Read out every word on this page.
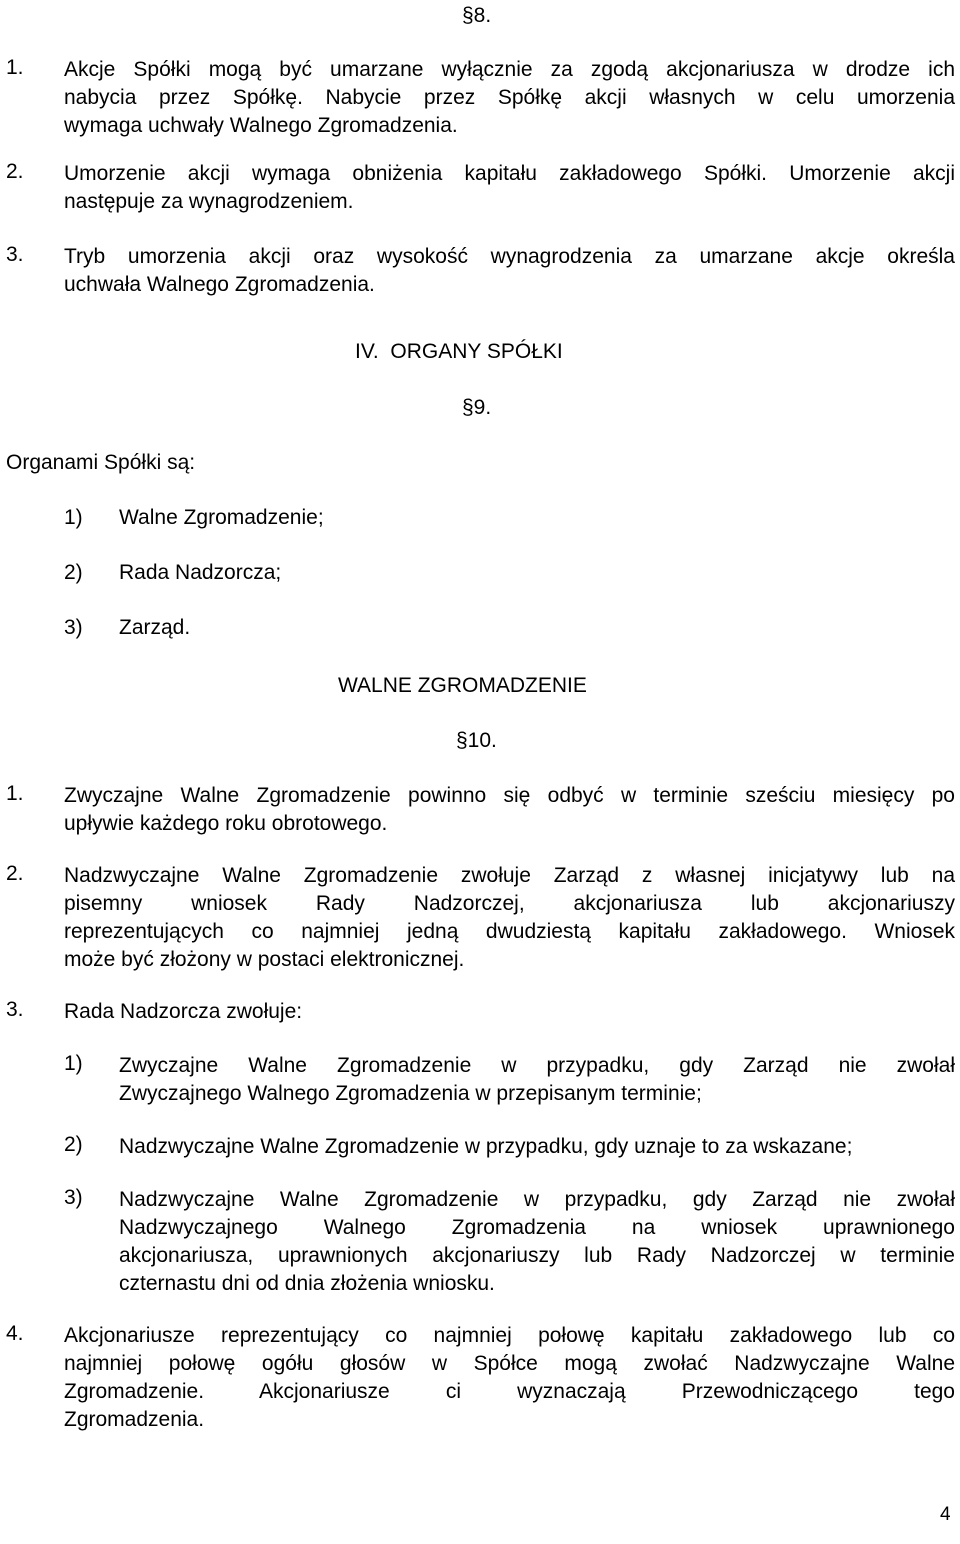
§8.
1. Akcje Spółki mogą być umarzane wyłącznie za zgodą akcjonariusza w drodze ich
nabycia przez Spółkę. Nabycie przez Spółkę akcji własnych w celu umorzenia
wymaga uchwały Walnego Zgromadzenia.
2. Umorzenie akcji wymaga obniżenia kapitału zakładowego Spółki. Umorzenie akcji
następuje za wynagrodzeniem.
3. Tryb umorzenia akcji oraz wysokość wynagrodzenia za umarzane akcje określa
uchwała Walnego Zgromadzenia.
IV.  ORGANY SPÓŁKI
§9.
Organami Spółki są:
1) Walne Zgromadzenie;
2) Rada Nadzorcza;
3) Zarząd.
WALNE ZGROMADZENIE
§10.
1. Zwyczajne Walne Zgromadzenie powinno się odbyć w terminie sześciu miesięcy po
upływie każdego roku obrotowego.
2. Nadzwyczajne Walne Zgromadzenie zwołuje Zarząd z własnej inicjatywy lub na
pisemny wniosek Rady Nadzorczej, akcjonariusza lub akcjonariuszy
reprezentujących co najmniej jedną dwudziestą kapitału zakładowego. Wniosek
może być złożony w postaci elektronicznej.
3. Rada Nadzorcza zwołuje:
1) Zwyczajne Walne Zgromadzenie w przypadku, gdy Zarząd nie zwołał
Zwyczajnego Walnego Zgromadzenia w przepisanym terminie;
2) Nadzwyczajne Walne Zgromadzenie w przypadku, gdy uznaje to za wskazane;
3) Nadzwyczajne Walne Zgromadzenie w przypadku, gdy Zarząd nie zwołał
Nadzwyczajnego Walnego Zgromadzenia na wniosek uprawnionego
akcjonariusza, uprawnionych akcjonariuszy lub Rady Nadzorczej w terminie
czternastu dni od dnia złożenia wniosku.
4. Akcjonariusze reprezentujący co najmniej połowę kapitału zakładowego lub co
najmniej połowę ogółu głosów w Spółce mogą zwołać Nadzwyczajne Walne
Zgromadzenie. Akcjonariusze ci wyznaczają Przewodniczącego tego
Zgromadzenia.
4
